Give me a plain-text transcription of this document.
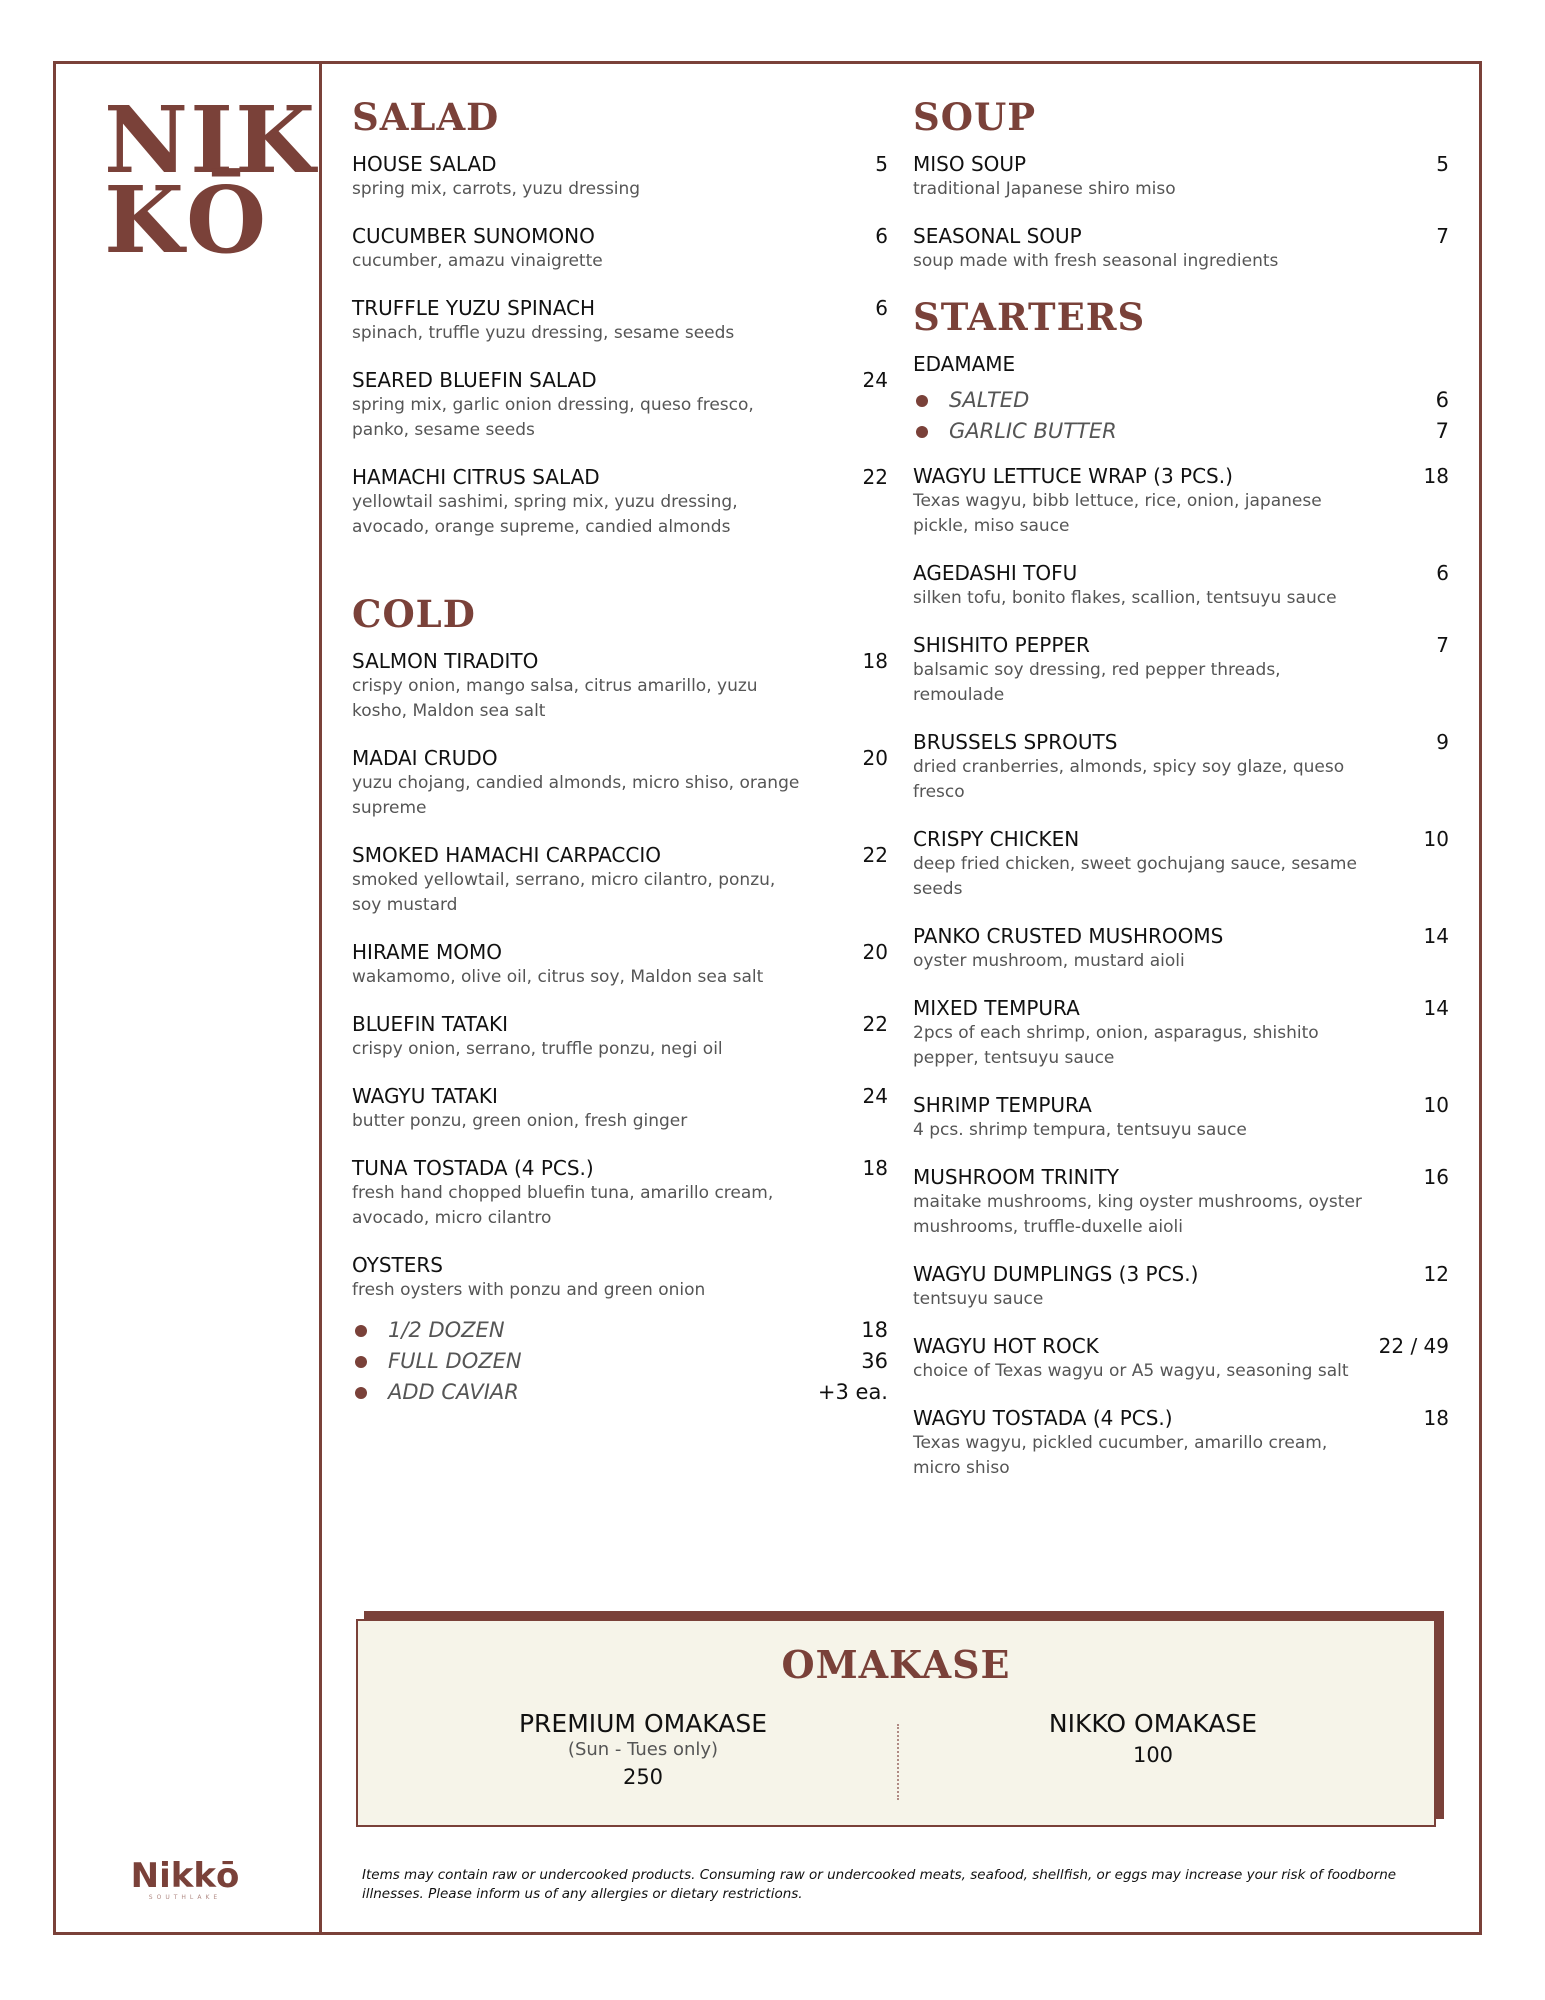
NIK
KŌ
Nikkō
SOUTHLAKE
SALAD
HOUSE SALAD	5
spring mix, carrots, yuzu dressing
CUCUMBER SUNOMONO	6
cucumber, amazu vinaigrette
TRUFFLE YUZU SPINACH	6
spinach, truffle yuzu dressing, sesame seeds
SEARED BLUEFIN SALAD	24
spring mix, garlic onion dressing, queso fresco, panko, sesame seeds
HAMACHI CITRUS SALAD	22
yellowtail sashimi, spring mix, yuzu dressing, avocado, orange supreme, candied almonds
COLD
SALMON TIRADITO	18
crispy onion, mango salsa, citrus amarillo, yuzu kosho, Maldon sea salt
MADAI CRUDO	20
yuzu chojang, candied almonds, micro shiso, orange supreme
SMOKED HAMACHI CARPACCIO	22
smoked yellowtail, serrano, micro cilantro, ponzu, soy mustard
HIRAME MOMO	20
wakamomo, olive oil, citrus soy, Maldon sea salt
BLUEFIN TATAKI	22
crispy onion, serrano, truffle ponzu, negi oil
WAGYU TATAKI	24
butter ponzu, green onion, fresh ginger
TUNA TOSTADA (4 PCS.)	18
fresh hand chopped bluefin tuna, amarillo cream, avocado, micro cilantro
OYSTERS
fresh oysters with ponzu and green onion
1/2 DOZEN	18
FULL DOZEN	36
ADD CAVIAR	+3 ea.
SOUP
MISO SOUP	5
traditional Japanese shiro miso
SEASONAL SOUP	7
soup made with fresh seasonal ingredients
STARTERS
EDAMAME
SALTED	6
GARLIC BUTTER	7
WAGYU LETTUCE WRAP (3 PCS.)	18
Texas wagyu, bibb lettuce, rice, onion, japanese pickle, miso sauce
AGEDASHI TOFU	6
silken tofu, bonito flakes, scallion, tentsuyu sauce
SHISHITO PEPPER	7
balsamic soy dressing, red pepper threads, remoulade
BRUSSELS SPROUTS	9
dried cranberries, almonds, spicy soy glaze, queso fresco
CRISPY CHICKEN	10
deep fried chicken, sweet gochujang sauce, sesame seeds
PANKO CRUSTED MUSHROOMS	14
oyster mushroom, mustard aioli
MIXED TEMPURA	14
2pcs of each shrimp, onion, asparagus, shishito pepper, tentsuyu sauce
SHRIMP TEMPURA	10
4 pcs. shrimp tempura, tentsuyu sauce
MUSHROOM TRINITY	16
maitake mushrooms, king oyster mushrooms, oyster mushrooms, truffle-duxelle aioli
WAGYU DUMPLINGS (3 PCS.)	12
tentsuyu sauce
WAGYU HOT ROCK	22 / 49
choice of Texas wagyu or A5 wagyu, seasoning salt
WAGYU TOSTADA (4 PCS.)	18
Texas wagyu, pickled cucumber, amarillo cream, micro shiso
OMAKASE
PREMIUM OMAKASE
(Sun - Tues only)
250
NIKKO OMAKASE
100
Items may contain raw or undercooked products. Consuming raw or undercooked meats, seafood, shellfish, or eggs may increase your risk of foodborne illnesses. Please inform us of any allergies or dietary restrictions.
